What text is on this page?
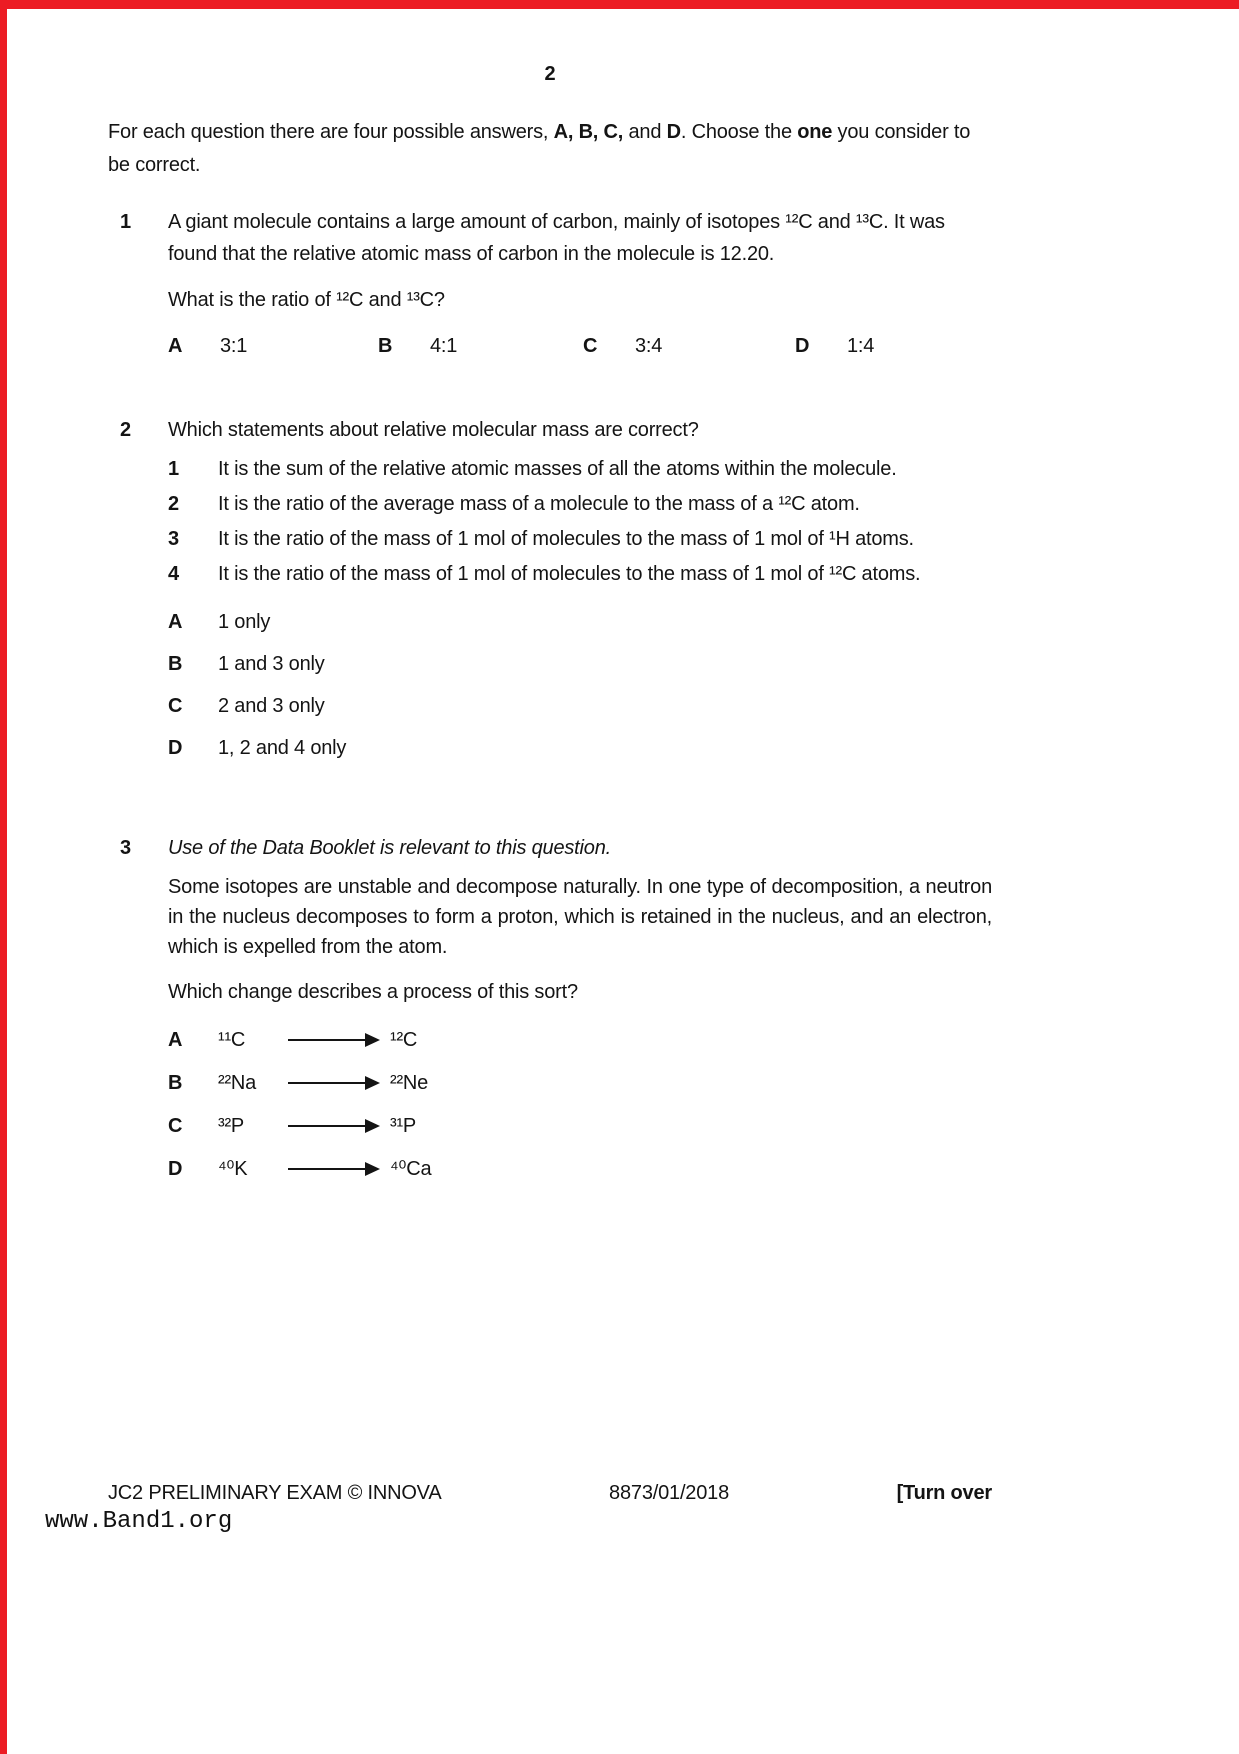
2

For each question there are four possible answers, A, B, C, and D. Choose the one you consider to be correct.

1	A giant molecule contains a large amount of carbon, mainly of isotopes ¹²C and ¹³C. It was found that the relative atomic mass of carbon in the molecule is 12.20.

What is the ratio of ¹²C and ¹³C?

A 3:1	B 4:1	C 3:4	D 1:4
2	Which statements about relative molecular mass are correct?

1	It is the sum of the relative atomic masses of all the atoms within the molecule.
2	It is the ratio of the average mass of a molecule to the mass of a ¹²C atom.
3	It is the ratio of the mass of 1 mol of molecules to the mass of 1 mol of ¹H atoms.
4	It is the ratio of the mass of 1 mol of molecules to the mass of 1 mol of ¹²C atoms.
A	1 only
B	1 and 3 only
C	2 and 3 only
D	1, 2 and 4 only
3	Use of the Data Booklet is relevant to this question.

Some isotopes are unstable and decompose naturally. In one type of decomposition, a neutron in the nucleus decomposes to form a proton, which is retained in the nucleus, and an electron, which is expelled from the atom.

Which change describes a process of this sort?

A	¹¹C	¹²C
B	²²Na	²²Ne
C	³²P	³¹P
D	⁴⁰K	⁴⁰Ca
JC2 PRELIMINARY EXAM © INNOVA	8873/01/2018	[Turn over
www.Band1.org
